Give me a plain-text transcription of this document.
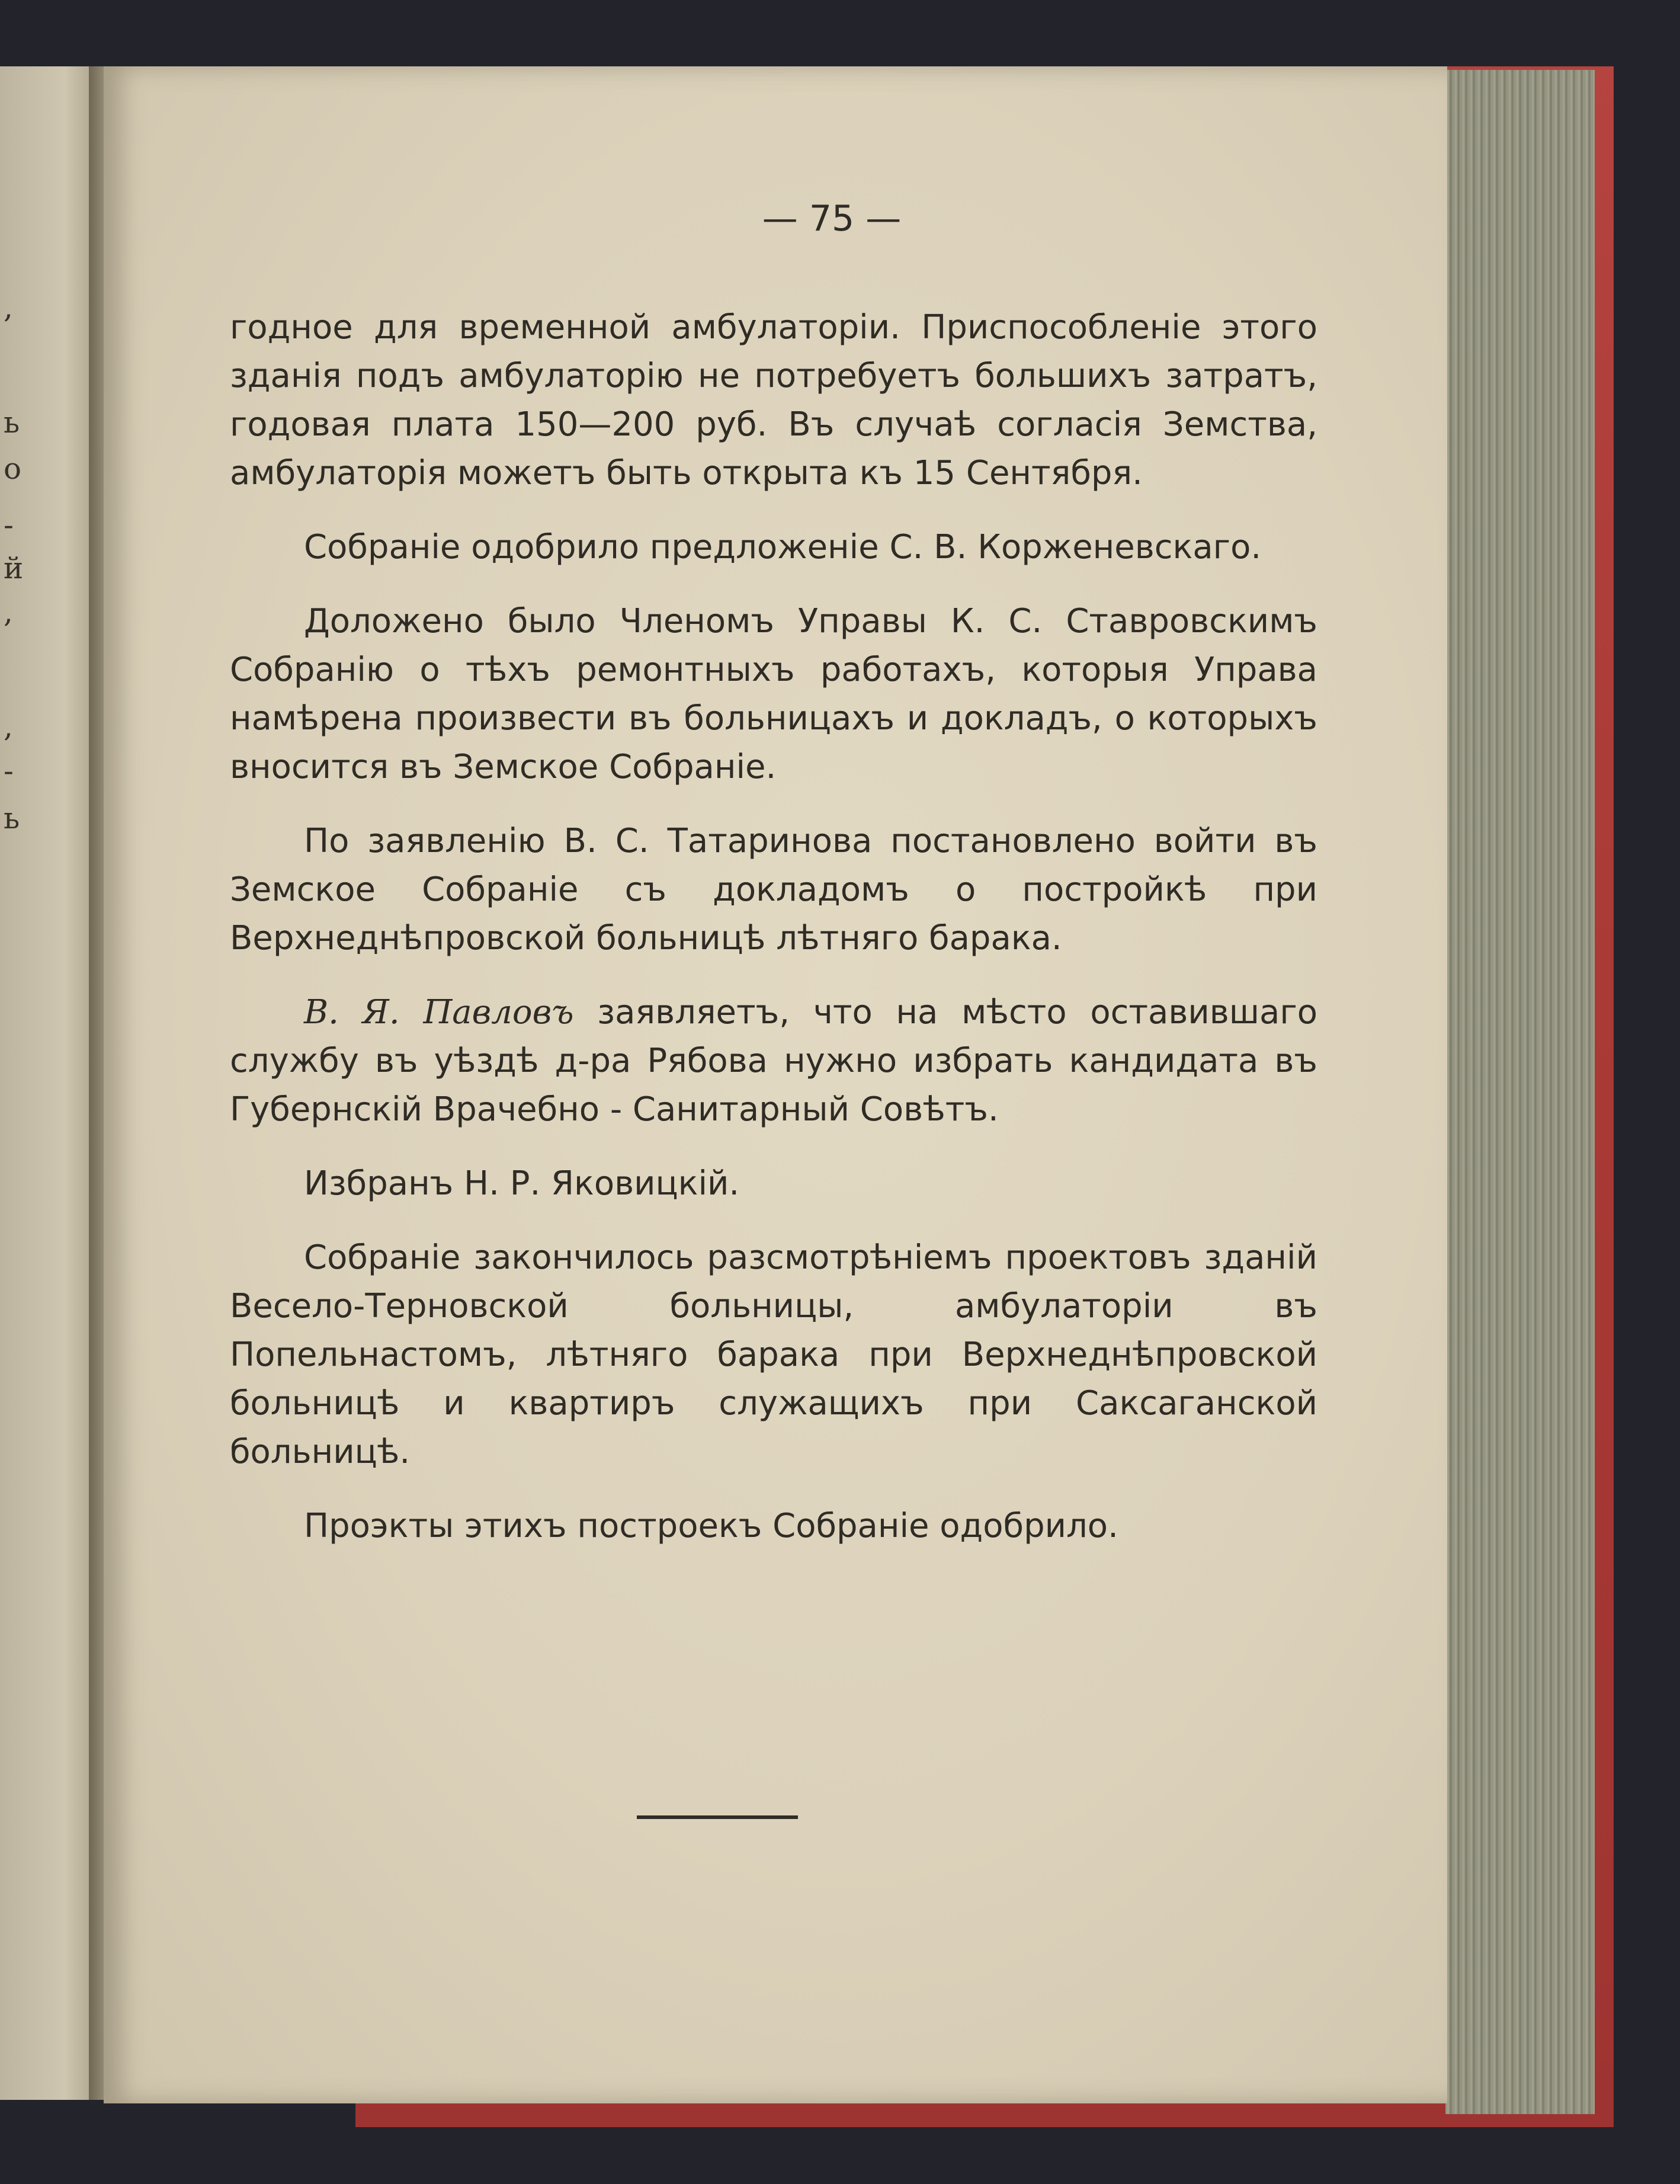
,
ь
о
-
й
,
,
-
ь
— 75 —

годное для временной амбулаторіи. Приспособленіе этого зданія подъ амбулаторію не потребуетъ большихъ затратъ, годовая плата 150—200 руб. Въ случаѣ согласія Земства, амбулаторія можетъ быть открыта къ 15 Сентября.

Собраніе одобрило предложеніе С. В. Корженевскаго.

Доложено было Членомъ Управы К. С. Ставровскимъ Собранію о тѣхъ ремонтныхъ работахъ, которыя Управа намѣрена произвести въ больницахъ и докладъ, о которыхъ вносится въ Земское Собраніе.

По заявленію В. С. Татаринова постановлено войти въ Земское Собраніе съ докладомъ о постройкѣ при Верхнеднѣпровской больницѣ лѣтняго барака.

В. Я. Павловъ заявляетъ, что на мѣсто оставившаго службу въ уѣздѣ д-ра Рябова нужно избрать кандидата въ Губернскій Врачебно - Санитарный Совѣтъ.

Избранъ Н. Р. Яковицкій.

Собраніе закончилось разсмотрѣніемъ проектовъ зданій Весело-Терновской больницы, амбулаторіи въ Попельнастомъ, лѣтняго барака при Верхнеднѣпровской больницѣ и квартиръ служащихъ при Саксаганской больницѣ.

Проэкты этихъ построекъ Собраніе одобрило.
